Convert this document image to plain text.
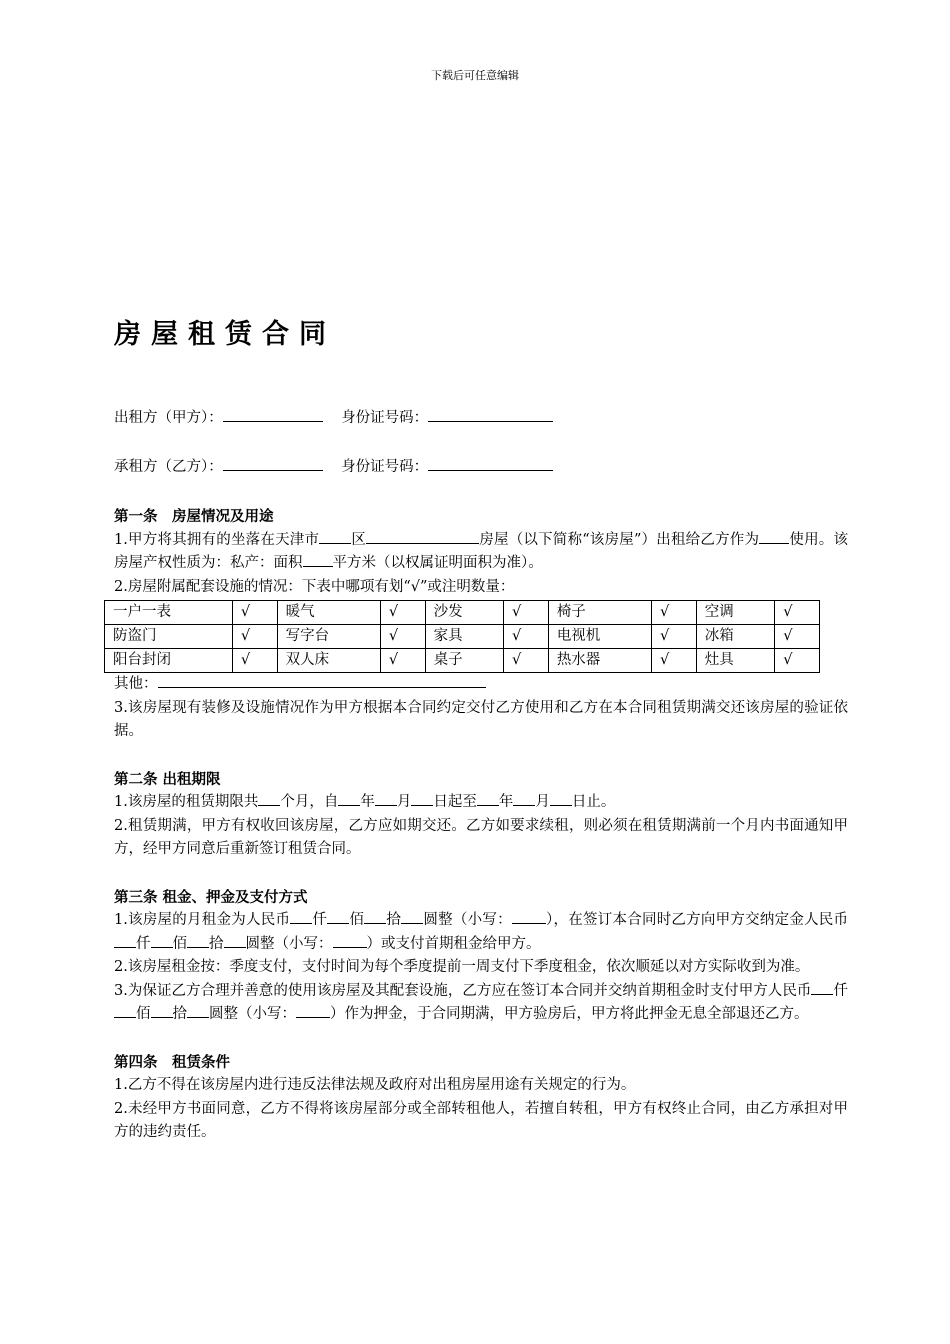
下载后可任意编辑
房屋租赁合同
出租方（甲方）：	身份证号码：
承租方（乙方）：	身份证号码：

第一条　房屋情况及用途

1.甲方将其拥有的坐落在天津市 区	房屋（以下简称“该房屋”）出租给乙方作为 使用。该房屋产权性质为：私产：面积 平方米（以权属证明面积为准）。

2.房屋附属配套设施的情况：下表中哪项有划“√”或注明数量：

一户一表	√	暖气	√	沙发	√	椅子	√	空调	√
防盗门	√	写字台	√	家具	√	电视机	√	冰箱	√
阳台封闭	√	双人床	√	桌子	√	热水器	√	灶具	√

其他：

3.该房屋现有装修及设施情况作为甲方根据本合同约定交付乙方使用和乙方在本合同租赁期满交还该房屋的验证依据。

第二条 出租期限

1.该房屋的租赁期限共 个月，自 年 月 日起至 年 月 日止。

2.租赁期满，甲方有权收回该房屋，乙方应如期交还。乙方如要求续租，则必须在租赁期满前一个月内书面通知甲方，经甲方同意后重新签订租赁合同。

第三条 租金、押金及支付方式

1.该房屋的月租金为人民币 仟 佰 拾 圆整（小写： ），在签订本合同时乙方向甲方交纳定金人民币仟 佰 拾 圆整（小写： ）或支付首期租金给甲方。

2.该房屋租金按：季度支付，支付时间为每个季度提前一周支付下季度租金，依次顺延以对方实际收到为准。

3.为保证乙方合理并善意的使用该房屋及其配套设施，乙方应在签订本合同并交纳首期租金时支付甲方人民币 仟佰 拾 圆整（小写： ）作为押金，于合同期满，甲方验房后，甲方将此押金无息全部退还乙方。

第四条　租赁条件

1.乙方不得在该房屋内进行违反法律法规及政府对出租房屋用途有关规定的行为。

2.未经甲方书面同意，乙方不得将该房屋部分或全部转租他人，若擅自转租，甲方有权终止合同，由乙方承担对甲方的违约责任。
